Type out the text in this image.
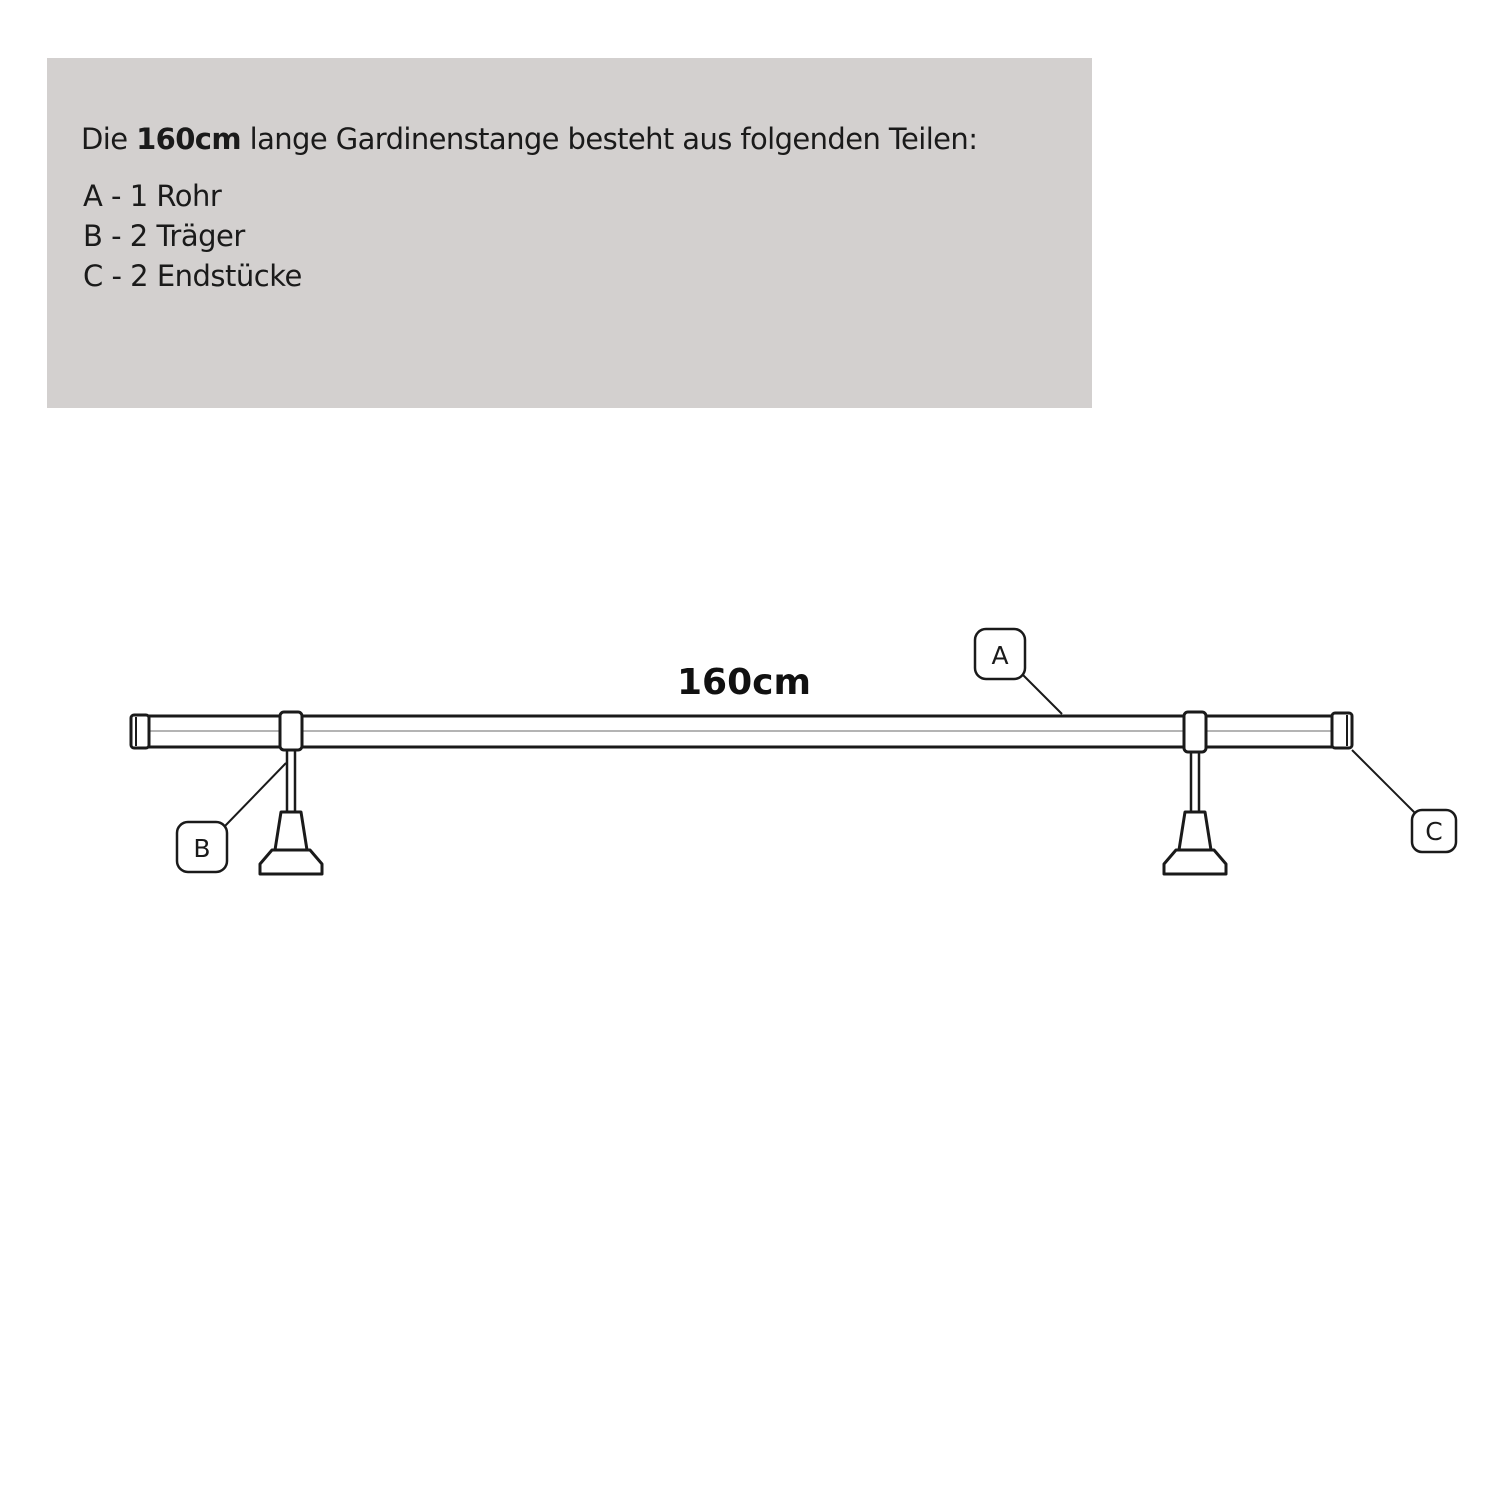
Die 160cm lange Gardinenstange besteht aus folgenden Teilen:

A - 1 Rohr
B - 2 Träger
C - 2 Endstücke
A
B
C
160cm
